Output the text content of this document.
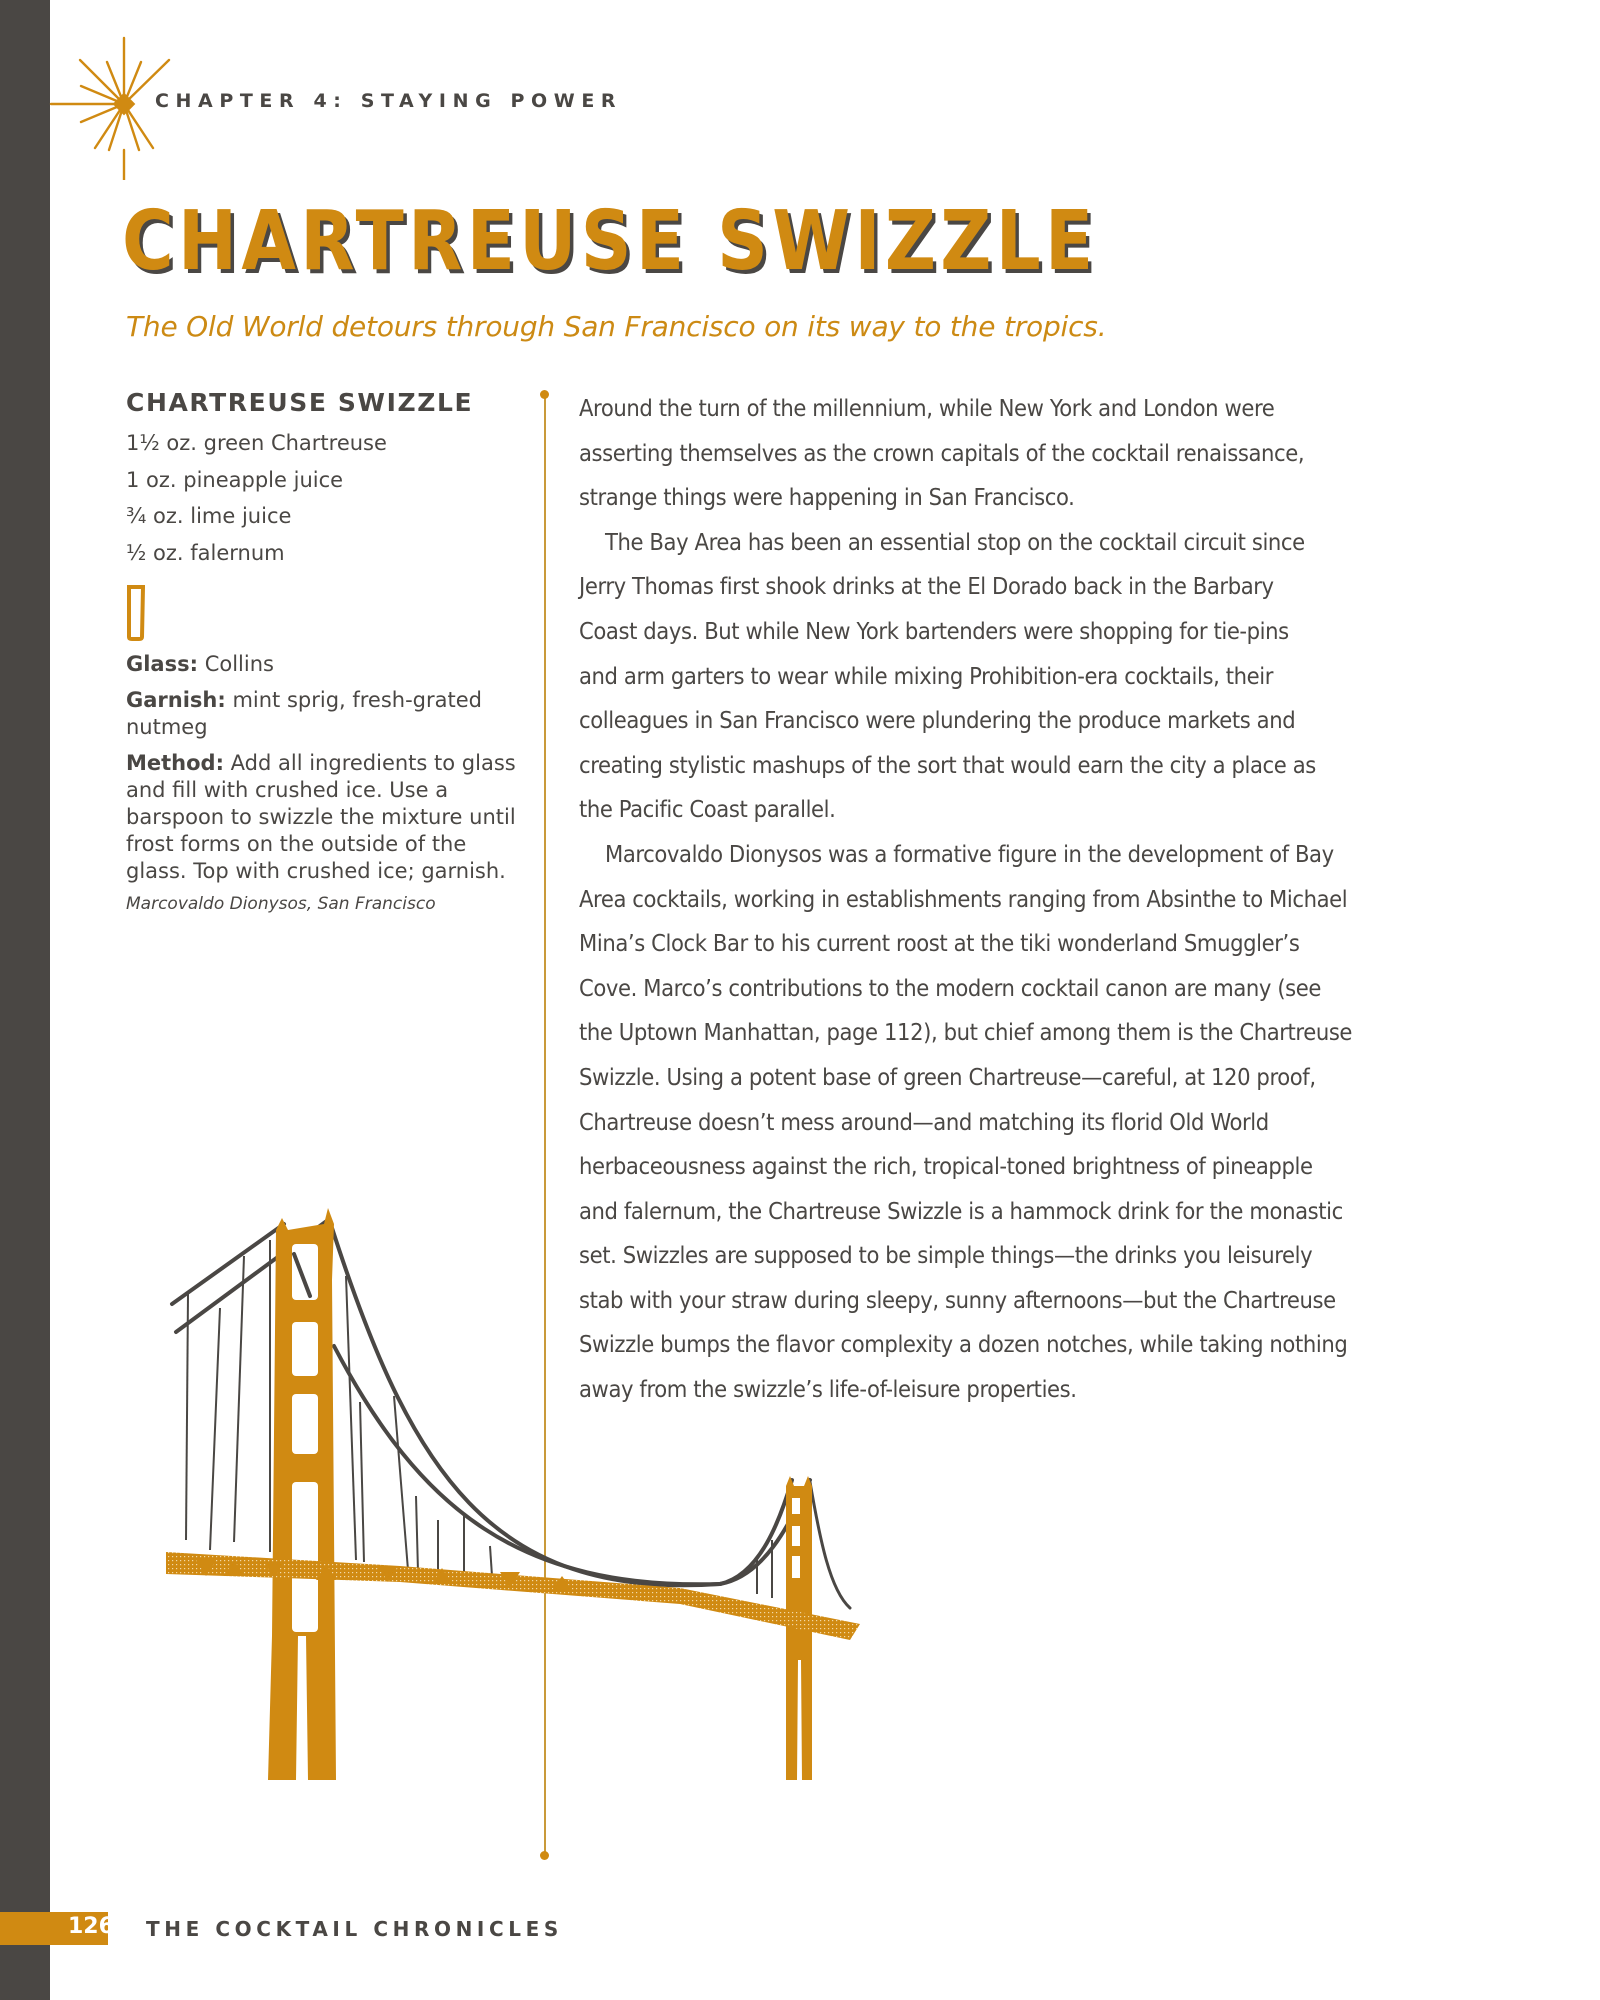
CHAPTER 4: STAYING POWER
CHARTREUSE SWIZZLE
The Old World detours through San Francisco on its way to the tropics.
CHARTREUSE SWIZZLE
1½ oz. green Chartreuse
1 oz. pineapple juice
¾ oz. lime juice
½ oz. falernum
Glass: Collins
Garnish: mint sprig, fresh-grated nutmeg
Method: Add all ingredients to glass and fill with crushed ice. Use a barspoon to swizzle the mixture until frost forms on the outside of the glass. Top with crushed ice; garnish.
Marcovaldo Dionysos, San Francisco

Around the turn of the millennium, while New York and London were

asserting themselves as the crown capitals of the cocktail renaissance,

strange things were happening in San Francisco.

The Bay Area has been an essential stop on the cocktail circuit since

Jerry Thomas first shook drinks at the El Dorado back in the Barbary

Coast days. But while New York bartenders were shopping for tie-pins

and arm garters to wear while mixing Prohibition-era cocktails, their

colleagues in San Francisco were plundering the produce markets and

creating stylistic mashups of the sort that would earn the city a place as

the Pacific Coast parallel.

Marcovaldo Dionysos was a formative figure in the development of Bay

Area cocktails, working in establishments ranging from Absinthe to Michael

Mina’s Clock Bar to his current roost at the tiki wonderland Smuggler’s

Cove. Marco’s contributions to the modern cocktail canon are many (see

the Uptown Manhattan, page 112), but chief among them is the Chartreuse

Swizzle. Using a potent base of green Chartreuse—careful, at 120 proof,

Chartreuse doesn’t mess around—and matching its florid Old World

herbaceousness against the rich, tropical-toned brightness of pineapple

and falernum, the Chartreuse Swizzle is a hammock drink for the monastic

set. Swizzles are supposed to be simple things—the drinks you leisurely

stab with your straw during sleepy, sunny afternoons—but the Chartreuse

Swizzle bumps the flavor complexity a dozen notches, while taking nothing

away from the swizzle’s life-of-leisure properties.

126 THE COCKTAIL CHRONICLES
